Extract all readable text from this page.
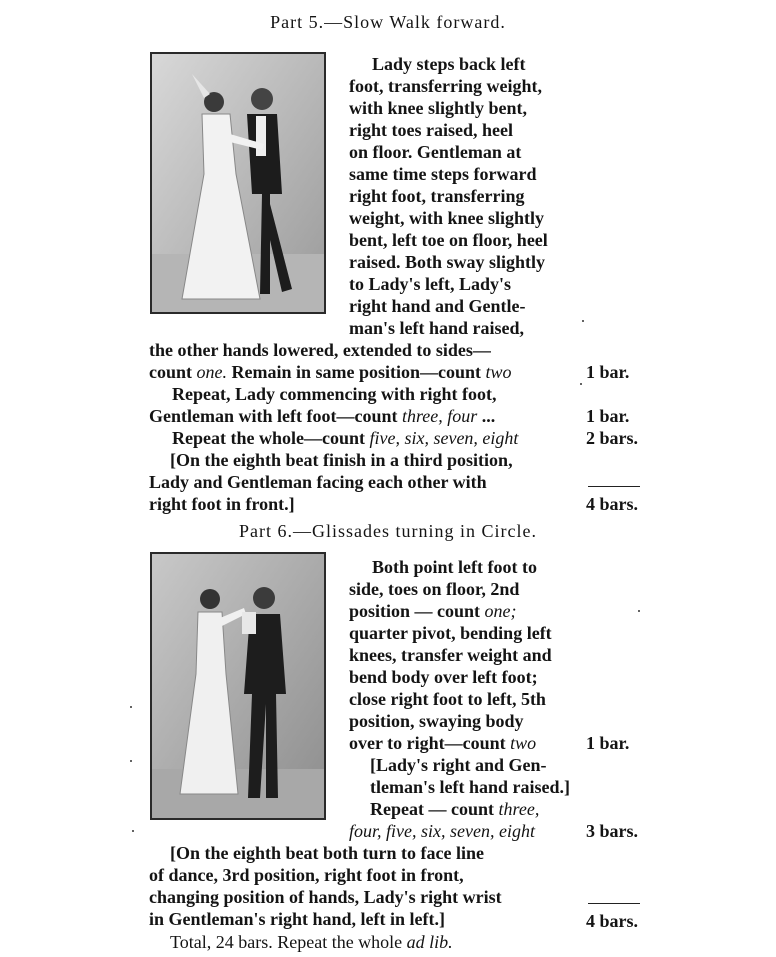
Part 5.—Slow Walk forward.
Lady steps back left
foot, transferring weight,
with knee slightly bent,
right toes raised, heel
on floor. Gentleman at
same time steps forward
right foot, transferring
weight, with knee slightly
bent, left toe on floor, heel
raised. Both sway slightly
to Lady's left, Lady's
right hand and Gentle-
man's left hand raised,
the other hands lowered, extended to sides—
count one. Remain in same position—count two	1 bar.
Repeat, Lady commencing with right foot,
Gentleman with left foot—count three, four ...	1 bar.
Repeat the whole—count five, six, seven, eight	2 bars.
[On the eighth beat finish in a third position,
Lady and Gentleman facing each other with
right foot in front.]	4 bars.
Part 6.—Glissades turning in Circle.
Both point left foot to
side, toes on floor, 2nd
position — count one;
quarter pivot, bending left
knees, transfer weight and
bend body over left foot;
close right foot to left, 5th
position, swaying body
over to right—count two	1 bar.
[Lady's right and Gen-
tleman's left hand raised.]
Repeat — count three,
four, five, six, seven, eight	3 bars.
[On the eighth beat both turn to face line
of dance, 3rd position, right foot in front,
changing position of hands, Lady's right wrist
in Gentleman's right hand, left in left.]	4 bars.
Total, 24 bars. Repeat the whole ad lib.
